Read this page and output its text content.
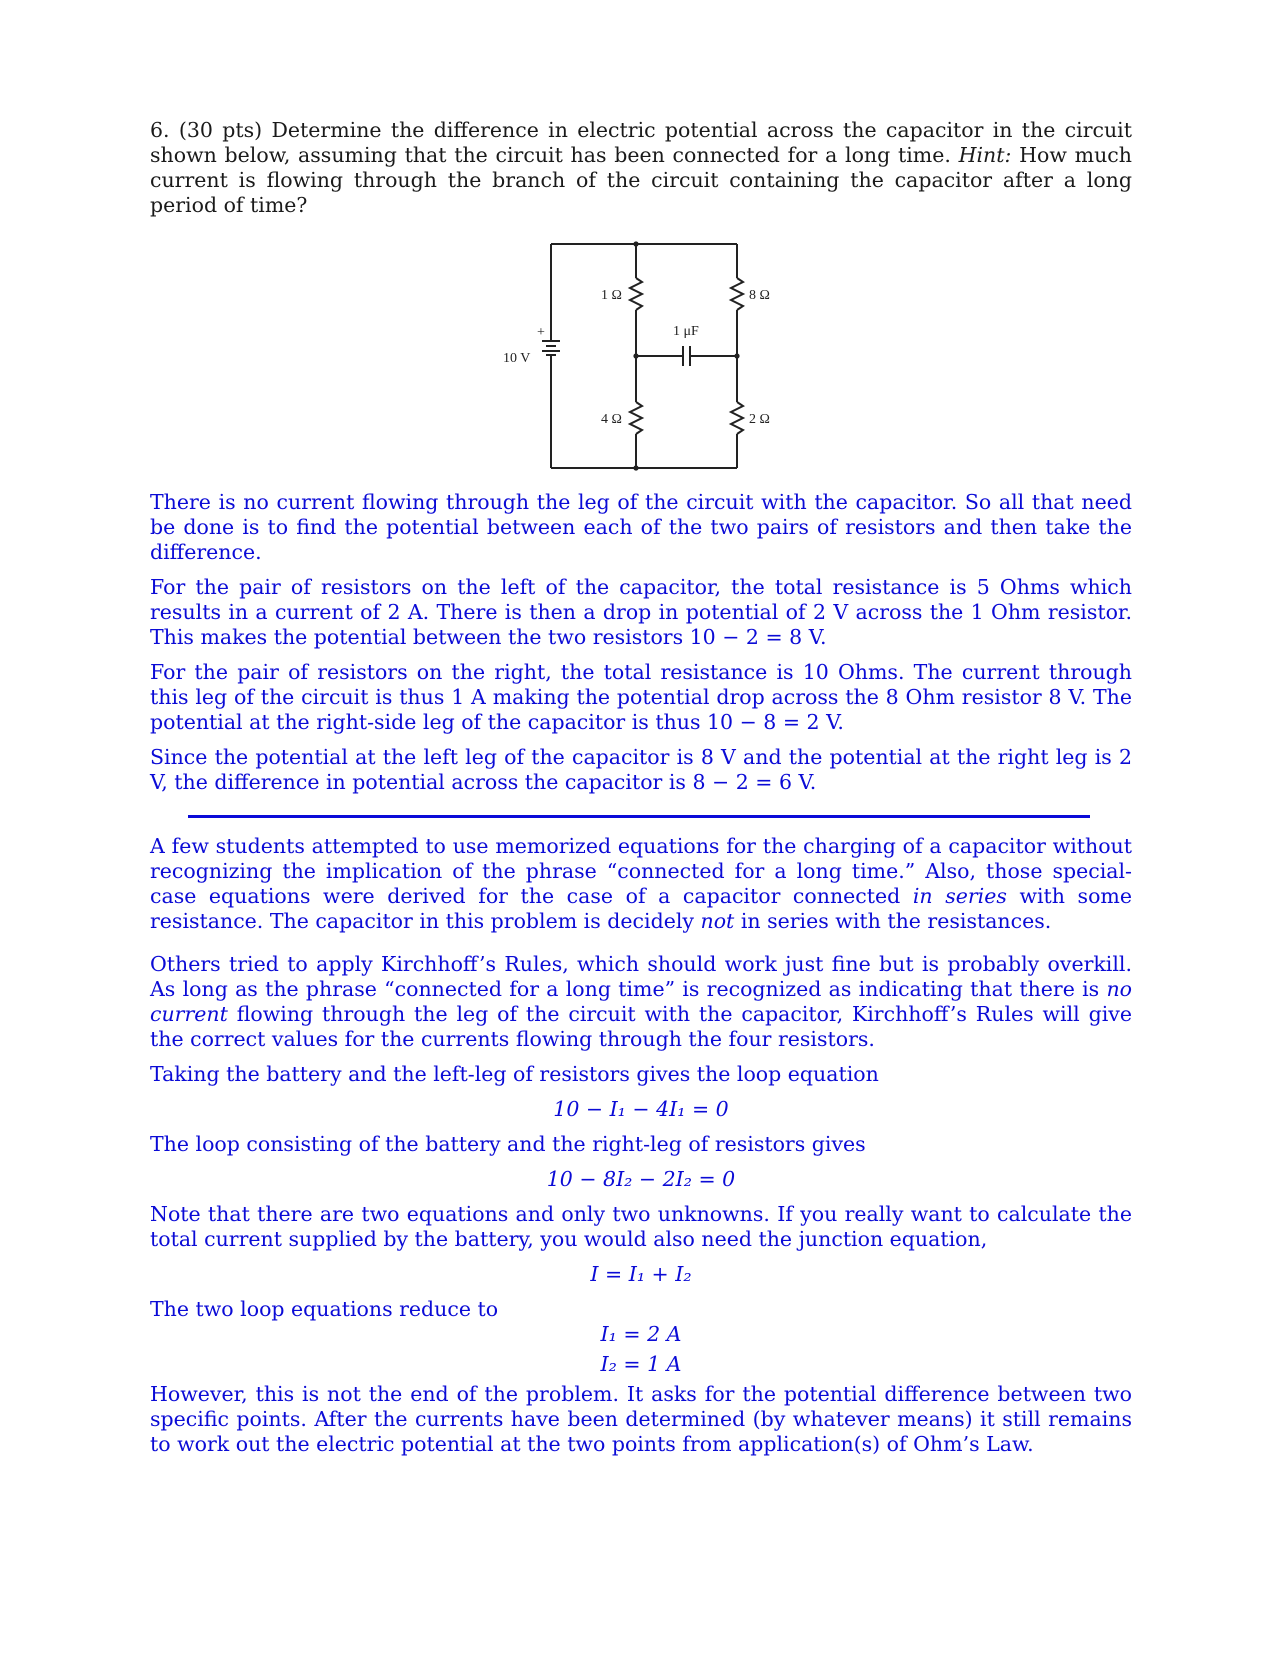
6. (30 pts) Determine the difference in electric potential across the capacitor in the circuit shown below, assuming that the circuit has been connected for a long time. Hint: How much current is flowing through the branch of the circuit containing the capacitor after a long period of time?

+
10 V
1 Ω	8 Ω
4 Ω	2 Ω
1 μF

There is no current flowing through the leg of the circuit with the capacitor. So all that need be done is to find the potential between each of the two pairs of resistors and then take the difference.

For the pair of resistors on the left of the capacitor, the total resistance is 5 Ohms which results in a current of 2 A. There is then a drop in potential of 2 V across the 1 Ohm resistor. This makes the potential between the two resistors 10 − 2 = 8 V.

For the pair of resistors on the right, the total resistance is 10 Ohms. The current through this leg of the circuit is thus 1 A making the potential drop across the 8 Ohm resistor 8 V. The potential at the right-side leg of the capacitor is thus 10 − 8 = 2 V.

Since the potential at the left leg of the capacitor is 8 V and the potential at the right leg is 2 V, the difference in potential across the capacitor is 8 − 2 = 6 V.

A few students attempted to use memorized equations for the charging of a capacitor without recognizing the implication of the phrase “connected for a long time.” Also, those special-case equations were derived for the case of a capacitor connected in series with some resistance. The capacitor in this problem is decidely not in series with the resistances.

Others tried to apply Kirchhoff’s Rules, which should work just fine but is probably overkill. As long as the phrase “connected for a long time” is recognized as indicating that there is no current flowing through the leg of the circuit with the capacitor, Kirchhoff’s Rules will give the correct values for the currents flowing through the four resistors.

Taking the battery and the left-leg of resistors gives the loop equation

10 − I₁ − 4I₁ = 0

The loop consisting of the battery and the right-leg of resistors gives

10 − 8I₂ − 2I₂ = 0

Note that there are two equations and only two unknowns. If you really want to calculate the total current supplied by the battery, you would also need the junction equation,

I = I₁ + I₂

The two loop equations reduce to

I₁ = 2 A

I₂ = 1 A

However, this is not the end of the problem. It asks for the potential difference between two specific points. After the currents have been determined (by whatever means) it still remains to work out the electric potential at the two points from application(s) of Ohm’s Law.
